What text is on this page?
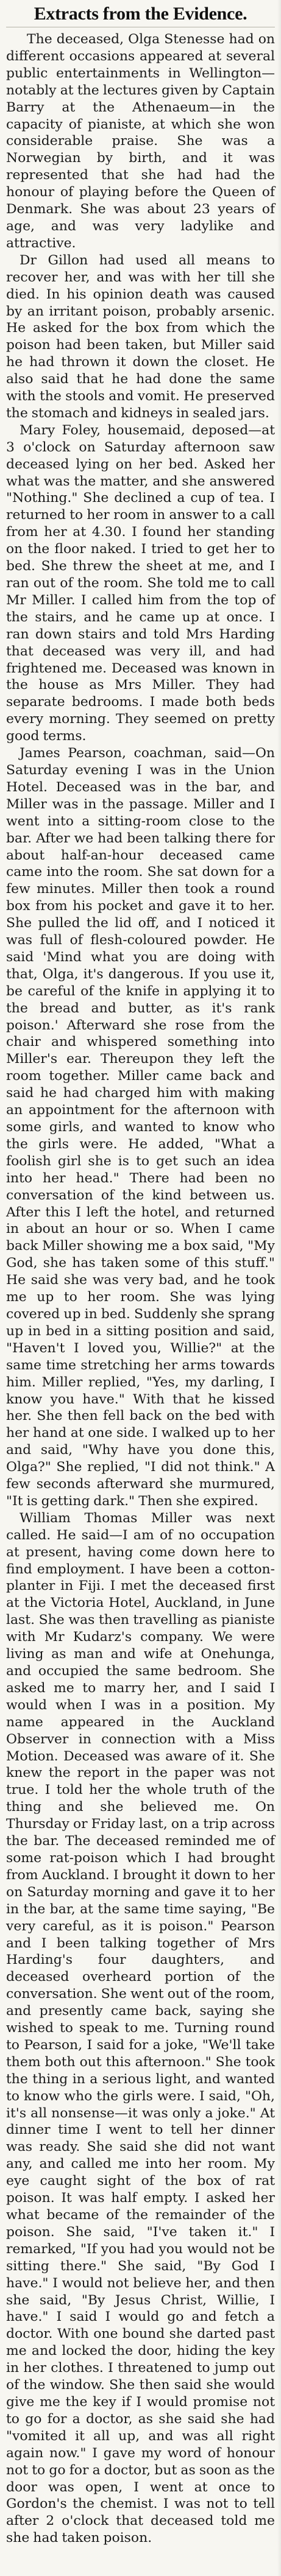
Extracts from the Evidence.

The deceased, Olga Stenesse had on different occasions appeared at several public entertainments in Wellington—notably at the lectures given by Captain Barry at the Athenaeum—in the capacity of pianiste, at which she won considerable praise. She was a Norwegian by birth, and it was represented that she had had the honour of playing before the Queen of Denmark. She was about 23 years of age, and was very ladylike and attractive.

Dr Gillon had used all means to recover her, and was with her till she died. In his opinion death was caused by an irritant poison, probably arsenic. He asked for the box from which the poison had been taken, but Miller said he had thrown it down the closet. He also said that he had done the same with the stools and vomit. He preserved the stomach and kidneys in sealed jars.

Mary Foley, housemaid, deposed—at 3 o'clock on Saturday afternoon saw deceased lying on her bed. Asked her what was the matter, and she answered "Nothing." She declined a cup of tea. I returned to her room in answer to a call from her at 4.30. I found her standing on the floor naked. I tried to get her to bed. She threw the sheet at me, and I ran out of the room. She told me to call Mr Miller. I called him from the top of the stairs, and he came up at once. I ran down stairs and told Mrs Harding that deceased was very ill, and had frightened me. Deceased was known in the house as Mrs Miller. They had separate bedrooms. I made both beds every morning. They seemed on pretty good terms.

James Pearson, coachman, said—On Saturday evening I was in the Union Hotel. Deceased was in the bar, and Miller was in the passage. Miller and I went into a sitting-room close to the bar. After we had been talking there for about half-an-hour deceased came came into the room. She sat down for a few minutes. Miller then took a round box from his pocket and gave it to her. She pulled the lid off, and I noticed it was full of flesh-coloured powder. He said 'Mind what you are doing with that, Olga, it's dangerous. If you use it, be careful of the knife in applying it to the bread and butter, as it's rank poison.' Afterward she rose from the chair and whispered something into Miller's ear. Thereupon they left the room together. Miller came back and said he had charged him with making an appointment for the afternoon with some girls, and wanted to know who the girls were. He added, "What a foolish girl she is to get such an idea into her head." There had been no conversation of the kind between us. After this I left the hotel, and returned in about an hour or so. When I came back Miller showing me a box said, "My God, she has taken some of this stuff." He said she was very bad, and he took me up to her room. She was lying covered up in bed. Suddenly she sprang up in bed in a sitting position and said, "Haven't I loved you, Willie?" at the same time stretching her arms towards him. Miller replied, "Yes, my darling, I know you have." With that he kissed her. She then fell back on the bed with her hand at one side. I walked up to her and said, "Why have you done this, Olga?" She replied, "I did not think." A few seconds afterward she murmured, "It is getting dark." Then she expired.

William Thomas Miller was next called. He said—I am of no occupation at present, having come down here to find employment. I have been a cotton-planter in Fiji. I met the deceased first at the Victoria Hotel, Auckland, in June last. She was then travelling as pianiste with Mr Kudarz's company. We were living as man and wife at Onehunga, and occupied the same bedroom. She asked me to marry her, and I said I would when I was in a position. My name appeared in the Auckland Observer in connection with a Miss Motion. Deceased was aware of it. She knew the report in the paper was not true. I told her the whole truth of the thing and she believed me. On Thursday or Friday last, on a trip across the bar. The deceased reminded me of some rat-poison which I had brought from Auckland. I brought it down to her on Saturday morning and gave it to her in the bar, at the same time saying, "Be very careful, as it is poison." Pearson and I been talking together of Mrs Harding's four daughters, and deceased overheard portion of the conversation. She went out of the room, and presently came back, saying she wished to speak to me. Turning round to Pearson, I said for a joke, "We'll take them both out this afternoon." She took the thing in a serious light, and wanted to know who the girls were. I said, "Oh, it's all nonsense—it was only a joke." At dinner time I went to tell her dinner was ready. She said she did not want any, and called me into her room. My eye caught sight of the box of rat poison. It was half empty. I asked her what became of the remainder of the poison. She said, "I've taken it." I remarked, "If you had you would not be sitting there." She said, "By God I have." I would not believe her, and then she said, "By Jesus Christ, Willie, I have." I said I would go and fetch a doctor. With one bound she darted past me and locked the door, hiding the key in her clothes. I threatened to jump out of the window. She then said she would give me the key if I would promise not to go for a doctor, as she said she had "vomited it all up, and was all right again now." I gave my word of honour not to go for a doctor, but as soon as the door was open, I went at once to Gordon's the chemist. I was not to tell after 2 o'clock that deceased told me she had taken poison.
